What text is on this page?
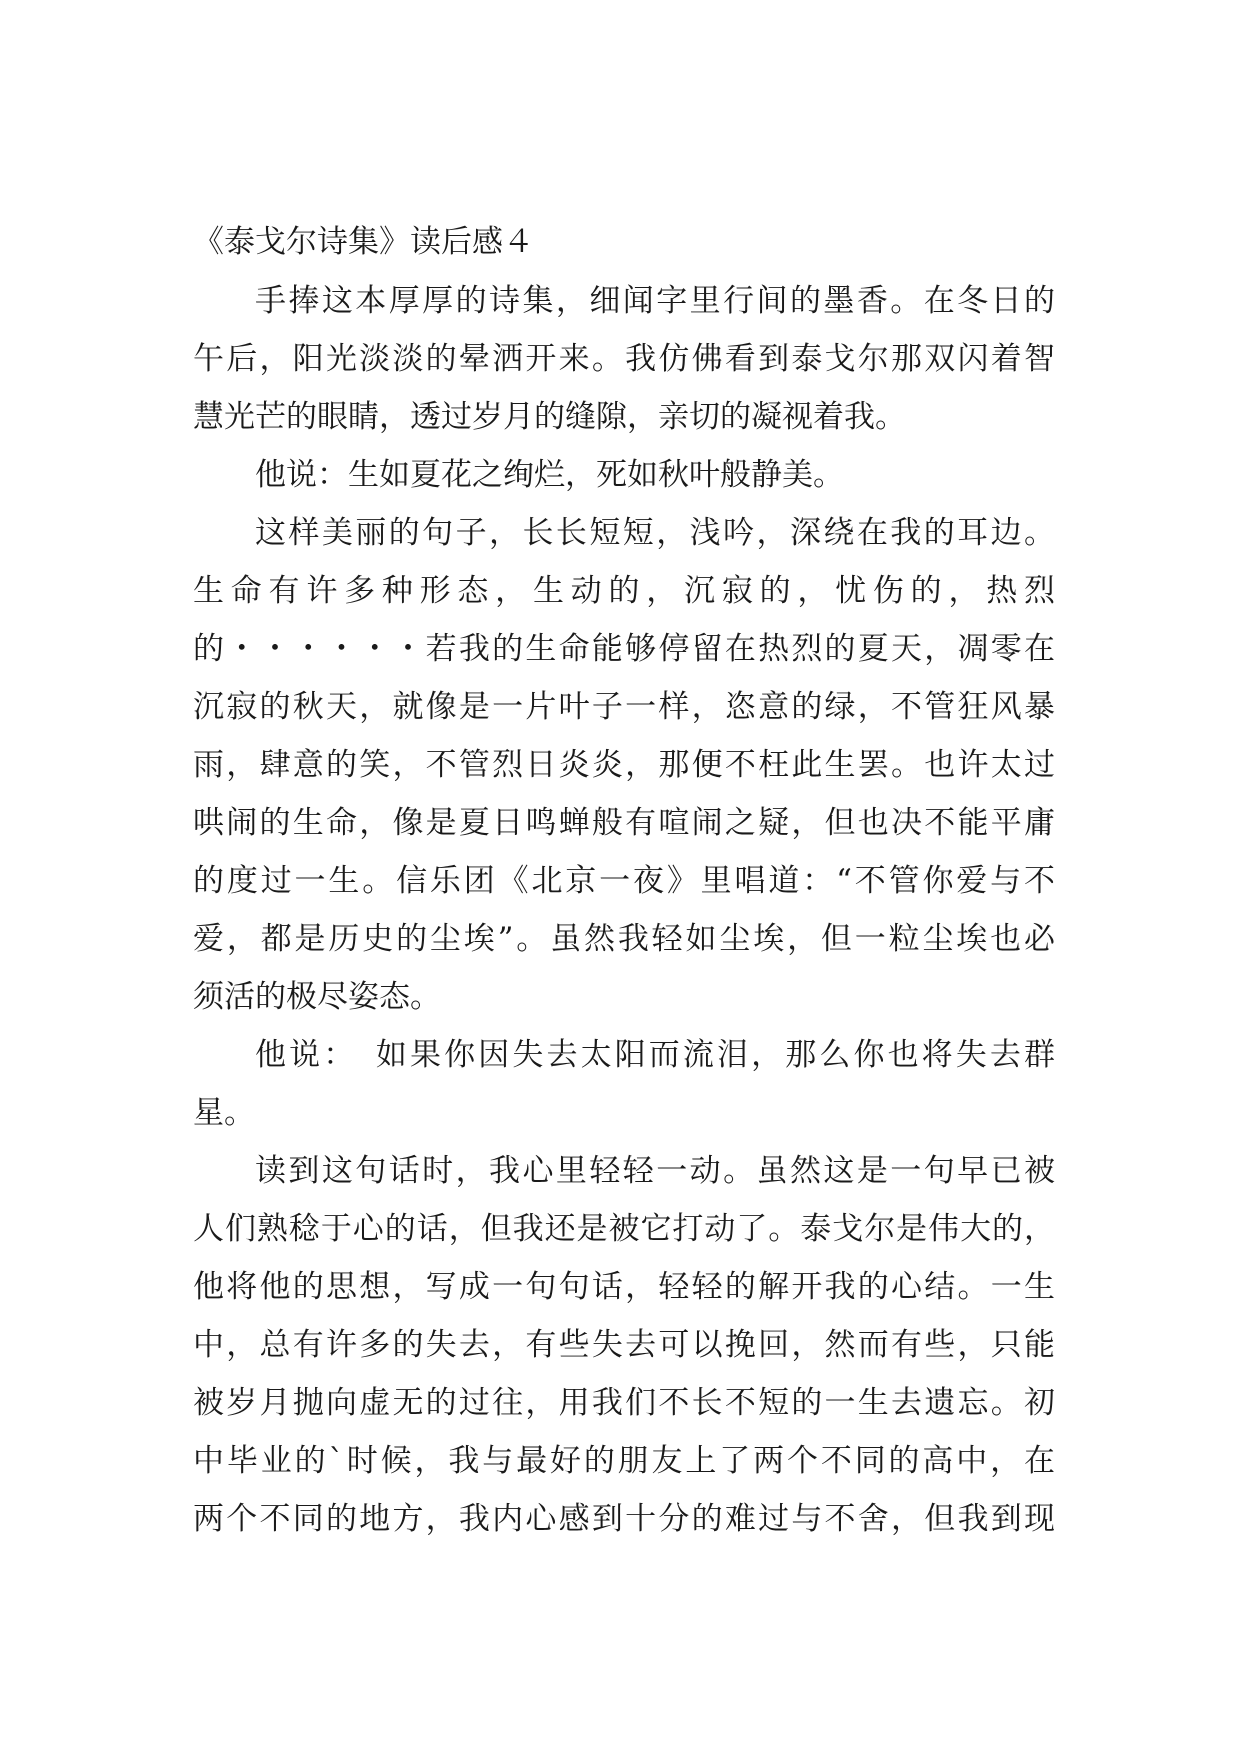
《泰戈尔诗集》读后感４
手捧这本厚厚的诗集，细闻字里行间的墨香。在冬日的
午后，阳光淡淡的晕洒开来。我仿佛看到泰戈尔那双闪着智
慧光芒的眼睛，透过岁月的缝隙，亲切的凝视着我。
他说：生如夏花之绚烂，死如秋叶般静美。
这样美丽的句子，长长短短，浅吟，深绕在我的耳边。
生命有许多种形态，生动的，沉寂的，忧伤的，热烈
的・・・・・・若我的生命能够停留在热烈的夏天，凋零在
沉寂的秋天，就像是一片叶子一样，恣意的绿，不管狂风暴
雨，肆意的笑，不管烈日炎炎，那便不枉此生罢。也许太过
哄闹的生命，像是夏日鸣蝉般有喧闹之疑，但也决不能平庸
的度过一生。信乐团《北京一夜》里唱道：“不管你爱与不
爱，都是历史的尘埃”。虽然我轻如尘埃，但一粒尘埃也必
须活的极尽姿态。
他说：　如果你因失去太阳而流泪，那么你也将失去群
星。
读到这句话时，我心里轻轻一动。虽然这是一句早已被
人们熟稔于心的话，但我还是被它打动了。泰戈尔是伟大的，
他将他的思想，写成一句句话，轻轻的解开我的心结。一生
中，总有许多的失去，有些失去可以挽回，然而有些，只能
被岁月抛向虚无的过往，用我们不长不短的一生去遗忘。初
中毕业的`时候，我与最好的朋友上了两个不同的高中，在
两个不同的地方，我内心感到十分的难过与不舍，但我到现
